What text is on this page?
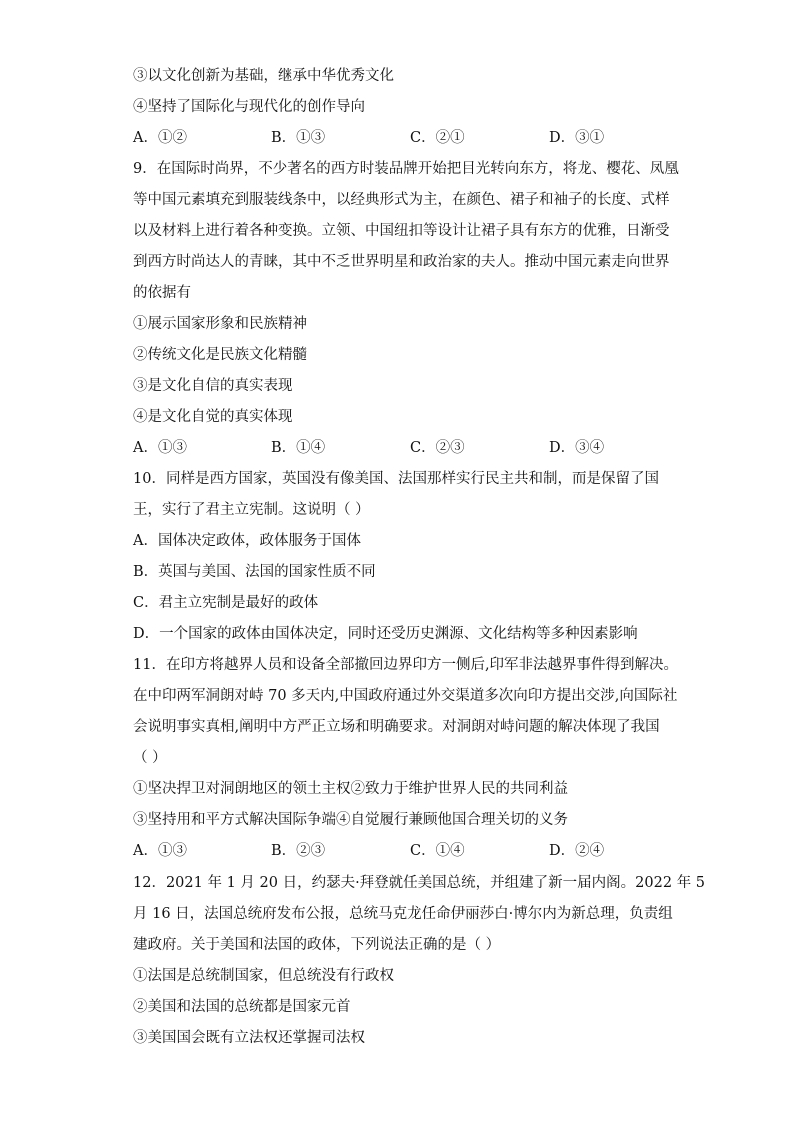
③以文化创新为基础，继承中华优秀文化
④坚持了国际化与现代化的创作导向
A．①②	B．①③	C．②①	D．③①
9．在国际时尚界，不少著名的西方时装品牌开始把目光转向东方，将龙、樱花、凤凰
等中国元素填充到服装线条中，以经典形式为主，在颜色、裙子和袖子的长度、式样
以及材料上进行着各种变换。立领、中国纽扣等设计让裙子具有东方的优雅，日渐受
到西方时尚达人的青睐，其中不乏世界明星和政治家的夫人。推动中国元素走向世界
的依据有
①展示国家形象和民族精神
②传统文化是民族文化精髓
③是文化自信的真实表现
④是文化自觉的真实体现
A．①③	B．①④	C．②③	D．③④
10．同样是西方国家，英国没有像美国、法国那样实行民主共和制，而是保留了国
王，实行了君主立宪制。这说明（ ）
A．国体决定政体，政体服务于国体
B．英国与美国、法国的国家性质不同
C．君主立宪制是最好的政体
D．一个国家的政体由国体决定，同时还受历史渊源、文化结构等多种因素影响
11．在印方将越界人员和设备全部撤回边界印方一侧后,印军非法越界事件得到解决。
在中印两军洞朗对峙 70 多天内,中国政府通过外交渠道多次向印方提出交涉,向国际社
会说明事实真相,阐明中方严正立场和明确要求。对洞朗对峙问题的解决体现了我国
（ ）
①坚决捍卫对洞朗地区的领土主权②致力于维护世界人民的共同利益
③坚持用和平方式解决国际争端④自觉履行兼顾他国合理关切的义务
A．①③	B．②③	C．①④	D．②④
12．2021 年 1 月 20 日，约瑟夫·拜登就任美国总统，并组建了新一届内阁。2022 年 5
月 16 日，法国总统府发布公报，总统马克龙任命伊丽莎白·博尔内为新总理，负责组
建政府。关于美国和法国的政体，下列说法正确的是（ ）
①法国是总统制国家，但总统没有行政权
②美国和法国的总统都是国家元首
③美国国会既有立法权还掌握司法权
